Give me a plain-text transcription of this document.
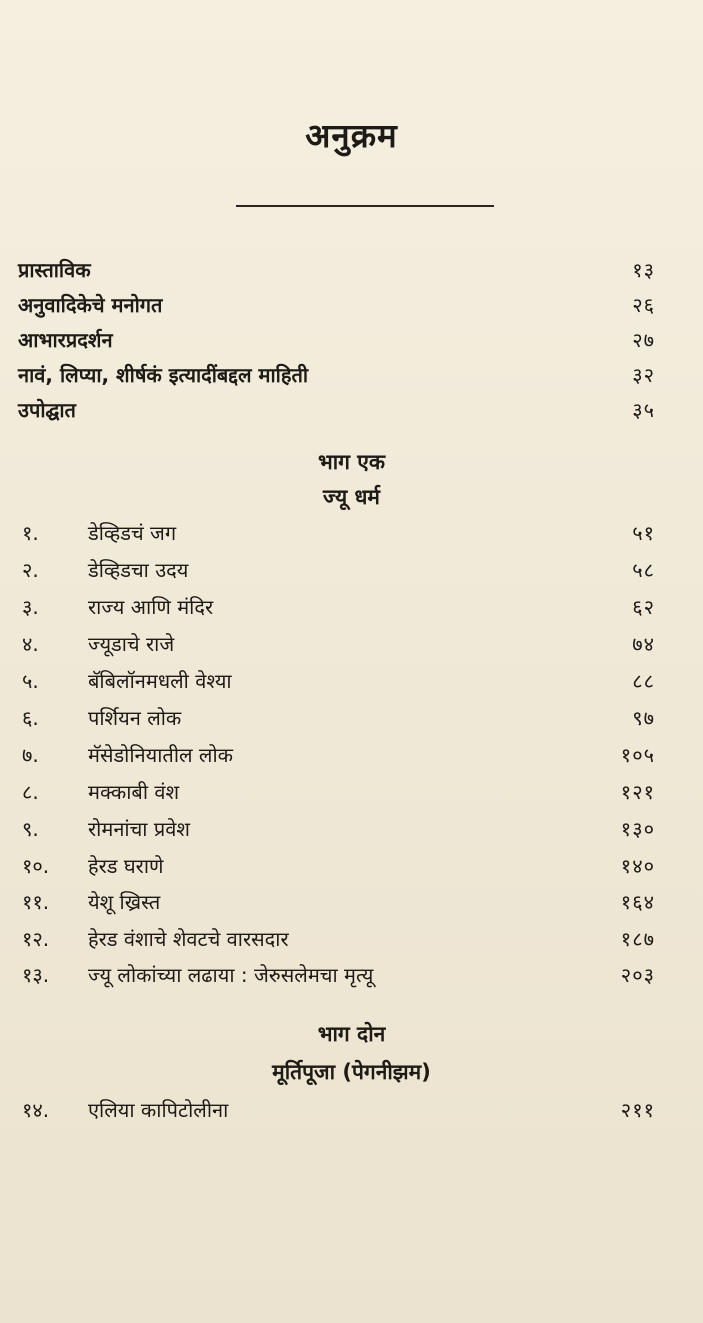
अनुक्रम
प्रास्ताविक	१३
अनुवादिकेचे मनोगत	२६
आभारप्रदर्शन	२७
नावं, लिप्या, शीर्षकं इत्यादींबद्दल माहिती	३२
उपोद्घात	३५
भाग एक
ज्यू धर्म
१.	डेव्हिडचं जग	५१
२.	डेव्हिडचा उदय	५८
३.	राज्य आणि मंदिर	६२
४.	ज्यूडाचे राजे	७४
५.	बॅबिलॉनमधली वेश्या	८८
६.	पर्शियन लोक	९७
७.	मॅसेडोनियातील लोक	१०५
८.	मक्काबी वंश	१२१
९.	रोमनांचा प्रवेश	१३०
१०.	हेरड घराणे	१४०
११.	येशू ख्रिस्त	१६४
१२.	हेरड वंशाचे शेवटचे वारसदार	१८७
१३.	ज्यू लोकांच्या लढाया : जेरुसलेमचा मृत्यू	२०३
भाग दोन
मूर्तिपूजा (पेगनीझम)
१४.	एलिया कापिटोलीना	२११
